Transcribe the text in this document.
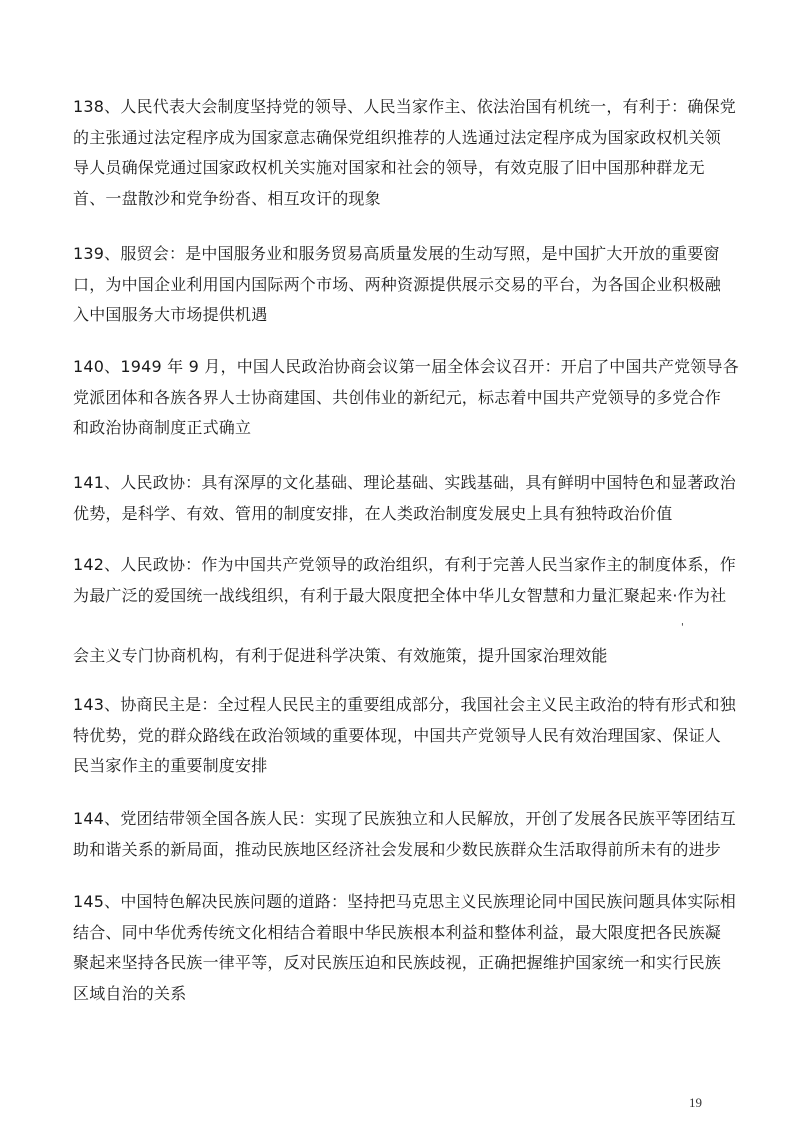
138、人民代表大会制度坚持党的领导、人民当家作主、依法治国有机统一，有利于：确保党
的主张通过法定程序成为国家意志确保党组织推荐的人选通过法定程序成为国家政权机关领
导人员确保党通过国家政权机关实施对国家和社会的领导，有效克服了旧中国那种群龙无
首、一盘散沙和党争纷沓、相互攻讦的现象
139、服贸会：是中国服务业和服务贸易高质量发展的生动写照，是中国扩大开放的重要窗
口，为中国企业利用国内国际两个市场、两种资源提供展示交易的平台，为各国企业积极融
入中国服务大市场提供机遇
140、1949 年 9 月，中国人民政治协商会议第一届全体会议召开：开启了中国共产党领导各
党派团体和各族各界人士协商建国、共创伟业的新纪元，标志着中国共产党领导的多党合作
和政治协商制度正式确立
141、人民政协：具有深厚的文化基础、理论基础、实践基础，具有鲜明中国特色和显著政治
优势，是科学、有效、管用的制度安排，在人类政治制度发展史上具有独特政治价值
142、人民政协：作为中国共产党领导的政治组织，有利于完善人民当家作主的制度体系，作
为最广泛的爱国统一战线组织，有利于最大限度把全体中华儿女智慧和力量汇聚起来·作为社
会主义专门协商机构，有利于促进科学决策、有效施策，提升国家治理效能
'
143、协商民主是：全过程人民民主的重要组成部分，我国社会主义民主政治的特有形式和独
特优势，党的群众路线在政治领域的重要体现，中国共产党领导人民有效治理国家、保证人
民当家作主的重要制度安排
144、党团结带领全国各族人民：实现了民族独立和人民解放，开创了发展各民族平等团结互
助和谐关系的新局面，推动民族地区经济社会发展和少数民族群众生活取得前所未有的进步
145、中国特色解决民族问题的道路：坚持把马克思主义民族理论同中国民族问题具体实际相
结合、同中华优秀传统文化相结合着眼中华民族根本利益和整体利益，最大限度把各民族凝
聚起来坚持各民族一律平等，反对民族压迫和民族歧视，正确把握维护国家统一和实行民族
区域自治的关系
19
